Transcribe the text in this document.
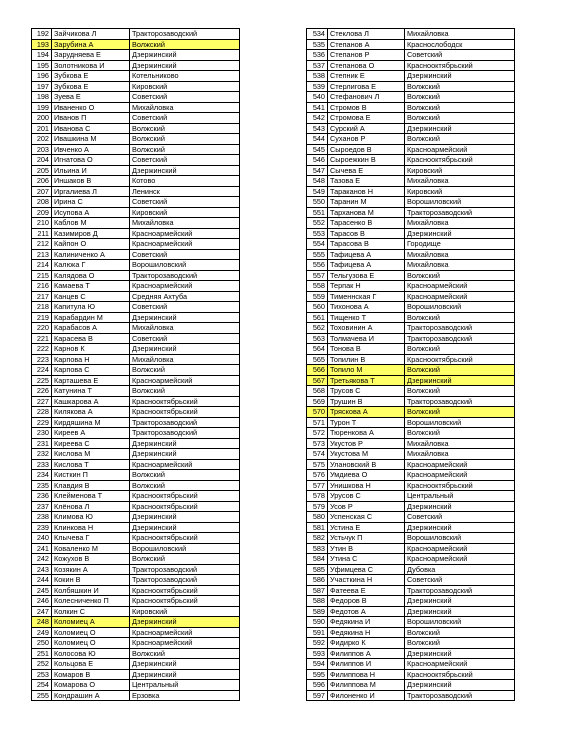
192	Зайчикова Л	Тракторозаводский
193	Зарубина А	Волжский
194	Зарудняева Е	Дзержинский
195	Золотникова И	Дзержинский
196	Зубкова Е	Котельниково
197	Зубкова Е	Кировский
198	Зуева Е	Советский
199	Иваненко О	Михайловка
200	Иванов П	Советский
201	Иванова С	Волжский
202	Ивашкина М	Волжский
203	Ивченко А	Волжский
204	Игнатова О	Советский
205	Ильина И	Дзержинский
206	Иншаков В	Котово
207	Иргалиева Л	Ленинск
208	Ирина С	Советский
209	Исупова А	Кировский
210	Каблов М	Михайловка
211	Казимиров Д	Красноармейский
212	Кайпон О	Красноармейский
213	Калиниченко А	Советский
214	Калюка Г	Ворошиловский
215	Калядова О	Тракторозаводский
216	Камаева Т	Красноармейский
217	Канцев С	Средняя Ахтуба
218	Капитула Ю	Советский
219	Карабардин М	Дзержинский
220	Карабасов А	Михайловка
221	Карасева В	Советский
222	Карнов К	Дзержинский
223	Карпова Н	Михайловка
224	Карпова С	Волжский
225	Карташева Е	Красноармейский
226	Катунина Т	Волжский
227	Кашкарова А	Краснооктябрьский
228	Килякова А	Краснооктябрьский
229	Кирдяшина М	Тракторозаводский
230	Киреев А	Тракторозаводский
231	Киреева С	Дзержинский
232	Кислова М	Дзержинский
233	Кислова Т	Красноармейский
234	Кисткин П	Волжский
235	Клавдия В	Волжский
236	Клейменова Т	Краснооктябрьский
237	Клёнова Л	Краснооктябрьский
238	Климова Ю	Дзержинский
239	Клинкова Н	Дзержинский
240	Клычева Г	Краснооктябрьский
241	Коваленко М	Ворошиловский
242	Кожухов В	Волжский
243	Козякин А	Тракторозаводский
244	Кокин В	Тракторозаводский
245	Колбяшкин И	Краснооктябрьский
246	Колесниченко П	Краснооктябрьский
247	Колкин С	Кировский
248	Коломиец А	Дзержинский
249	Коломиец О	Красноармейский
250	Коломиец О	Красноармейский
251	Колосова Ю	Волжский
252	Кольцова Е	Дзержинский
253	Комаров В	Дзержинский
254	Комарова О	Центральный
255	Кондрашин А	Ерзовка
534	Стеклова Л	Михайловка
535	Степанов А	Краснослободск
536	Степанов Р	Советский
537	Степанова О	Краснооктябрьский
538	Степник Е	Дзержинский
539	Стерлигова Е	Волжский
540	Стефанович Л	Волжский
541	Стромов В	Волжский
542	Стромова Е	Волжский
543	Сурский А	Дзержинский
544	Суханов Р	Волжский
545	Сыроедов В	Красноармейский
546	Сыроежкин В	Краснооктябрьский
547	Сычева Е	Кировский
548	Тазова Е	Михайловка
549	Тараканов Н	Кировский
550	Таранин М	Ворошиловский
551	Тарханова М	Тракторозаводский
552	Тарасенко В	Михайловка
553	Тарасов В	Дзержинский
554	Тарасова В	Городище
555	Тафицева А	Михайловка
556	Тафицева А	Михайловка
557	Тельгузова Е	Волжский
558	Терпак Н	Красноармейский
559	Тименнская Г	Красноармейский
560	Тихонова А	Ворошиловский
561	Тищенко Т	Волжский
562	Тоховинин А	Тракторозаводский
563	Толмачева И	Тракторозаводский
564	Тонова В	Волжский
565	Топилин В	Краснооктябрьский
566	Топило М	Волжский
567	Третьякова Т	Дзержинский
568	Трусов С	Волжский
569	Трушин В	Тракторозаводский
570	Тряскова А	Волжский
571	Турон Т	Ворошиловский
572	Тюренкова А	Волжский
573	Укустов Р	Михайловка
574	Укустова М	Михайловка
575	Улановский В	Красноармейский
576	Умдиева О	Красноармейский
577	Унишкова Н	Краснооктябрьский
578	Урусов С	Центральный
579	Усов Р	Дзержинский
580	Успенская С	Советский
581	Устина Е	Дзержинский
582	Устьчук П	Ворошиловский
583	Утин В	Красноармейский
584	Утина С	Красноармейский
585	Уфимцева С	Дубовка
586	Участкина Н	Советский
587	Фатеева Е	Тракторозаводский
588	Федоров В	Дзержинский
589	Федотов А	Дзержинский
590	Федякина И	Ворошиловский
591	Федякина Н	Волжский
592	Фидирко К	Волжский
593	Филиппов А	Дзержинский
594	Филиппов И	Красноармейский
595	Филиппова Н	Краснооктябрьский
596	Филиппова М	Дзержинский
597	Филоненко И	Тракторозаводский
